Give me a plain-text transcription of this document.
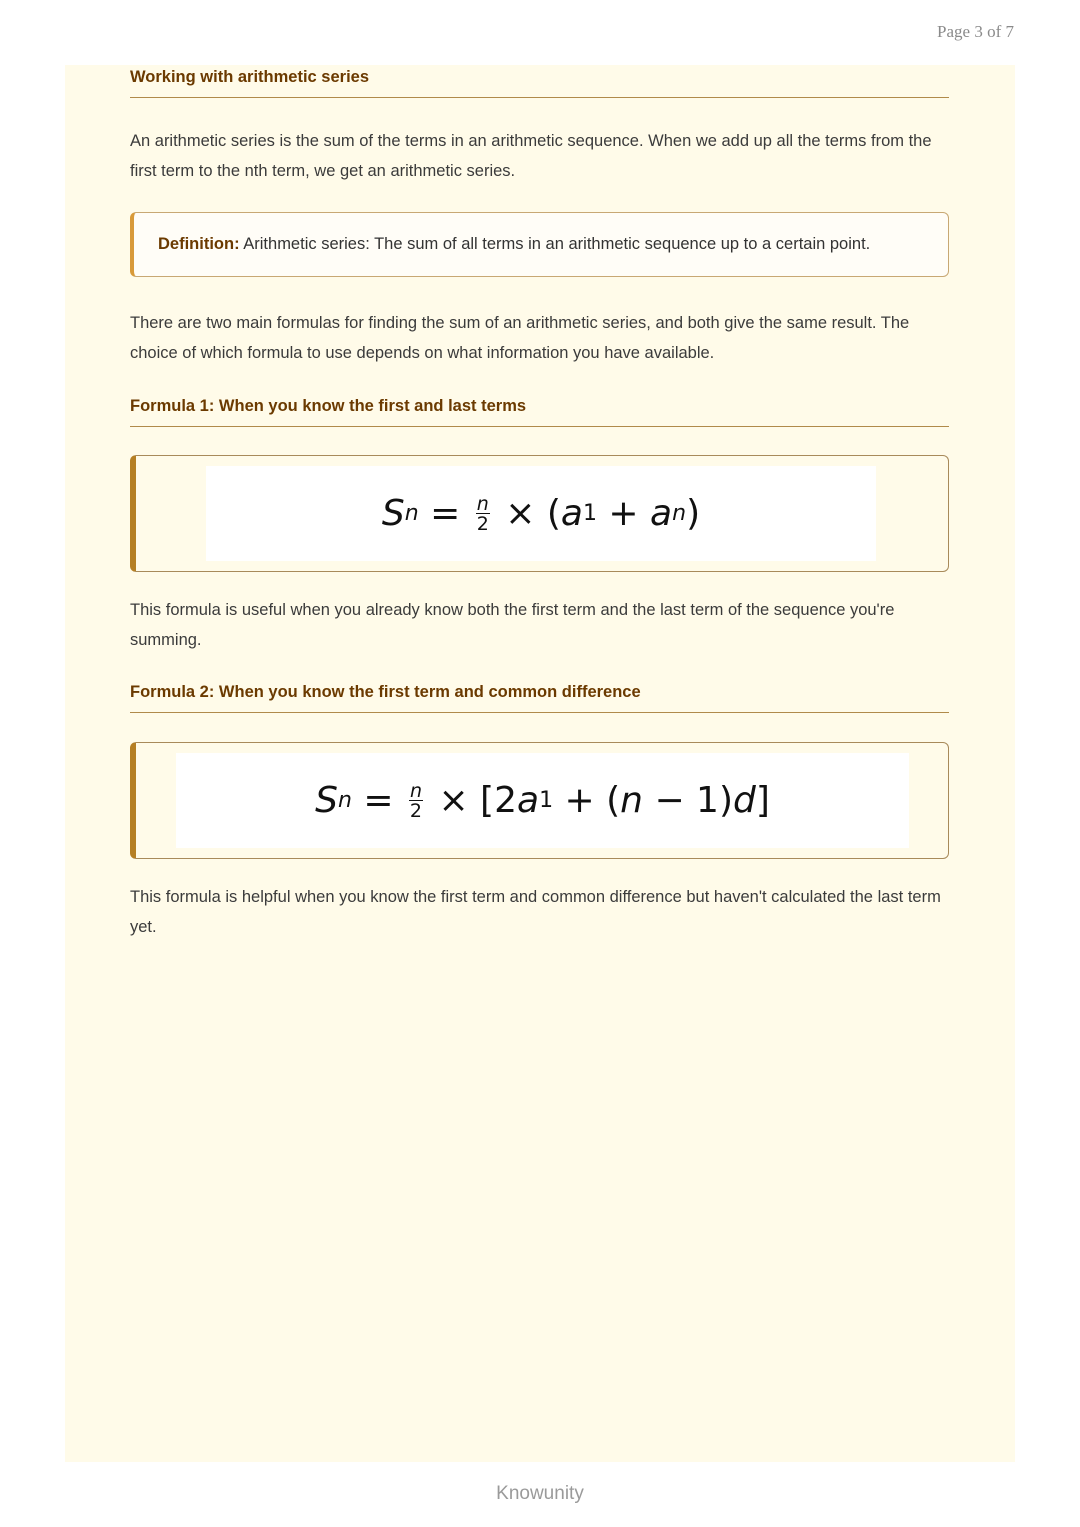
Page 3 of 7
Working with arithmetic series

An arithmetic series is the sum of the terms in an arithmetic sequence. When we add up all the terms from the first term to the nth term, we get an arithmetic series.

Definition: Arithmetic series: The sum of all terms in an arithmetic sequence up to a certain point.

There are two main formulas for finding the sum of an arithmetic series, and both give the same result. The choice of which formula to use depends on what information you have available.

Formula 1: When you know the first and last terms
S $n = \frac{n}{2}$ × ( a 1 + a n )

This formula is useful when you already know both the first term and the last term of the sequence you're summing.

Formula 2: When you know the first term and common difference
S $n = \frac{n}{2} \times [2$ a 1 + ( n − 1) d ]

This formula is helpful when you know the first term and common difference but haven't calculated the last term yet.

Knowunity
